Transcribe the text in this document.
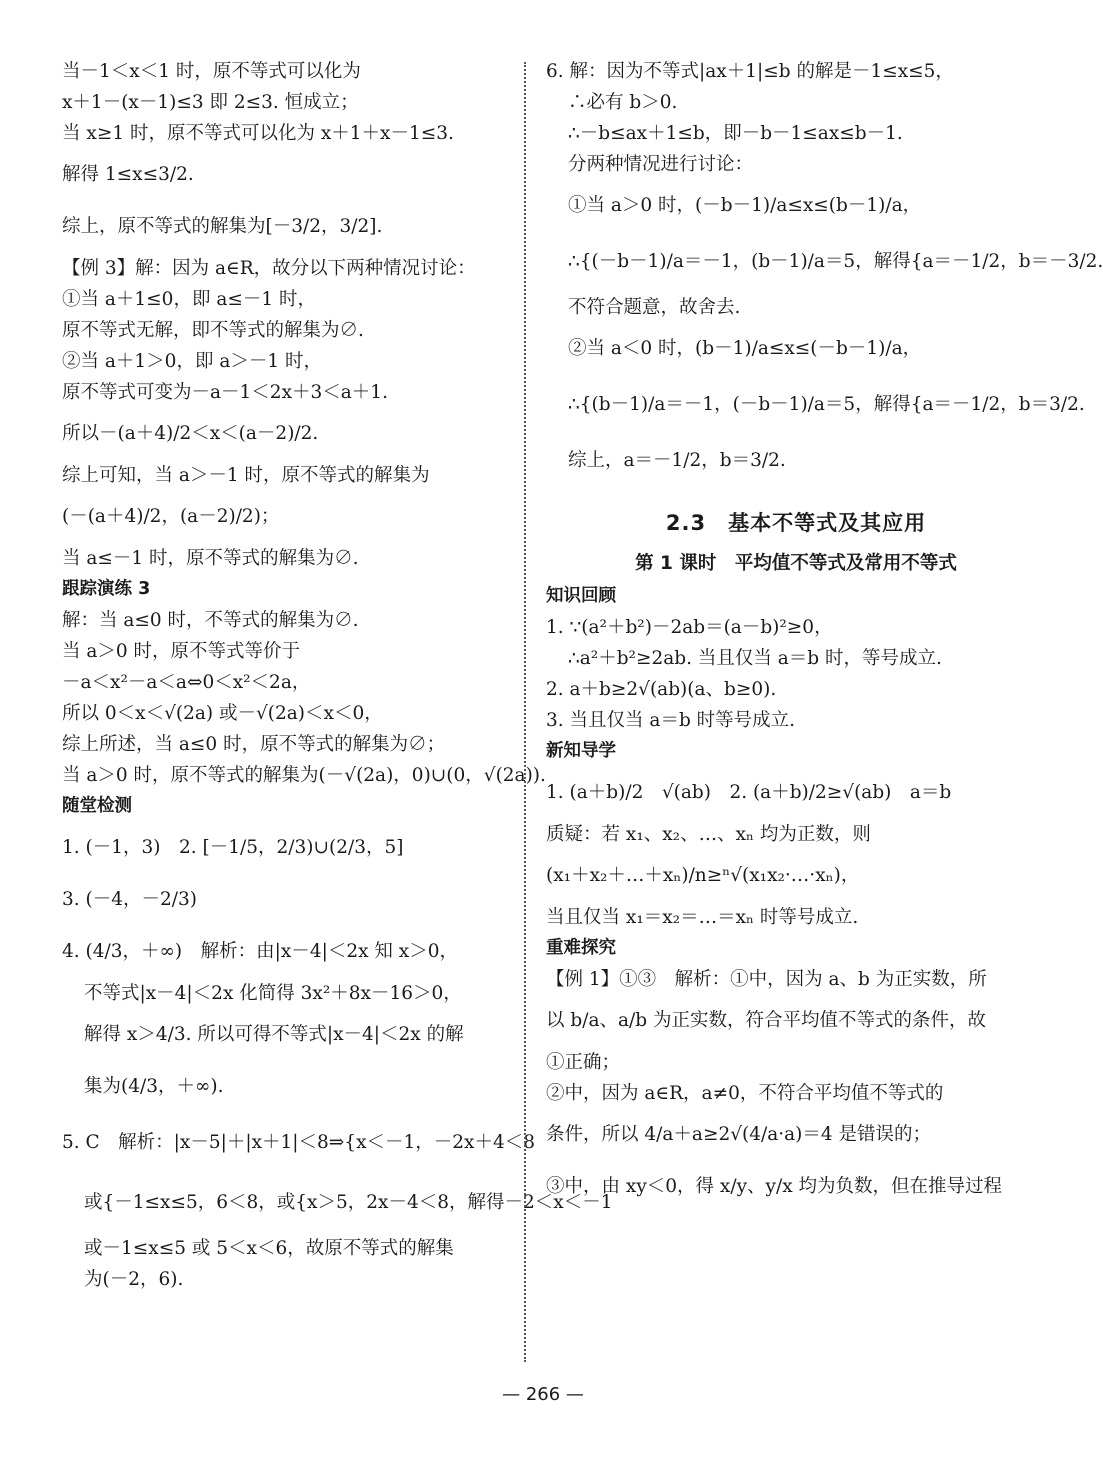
当－1＜x＜1 时，原不等式可以化为
x＋1－(x－1)≤3 即 2≤3. 恒成立；
当 x≥1 时，原不等式可以化为 x＋1＋x－1≤3.
解得 1≤x≤3/2.
综上，原不等式的解集为[－3/2，3/2].
【例 3】解：因为 a∈R，故分以下两种情况讨论：
①当 a＋1≤0，即 a≤－1 时，
原不等式无解，即不等式的解集为∅.
②当 a＋1＞0，即 a＞－1 时，
原不等式可变为－a－1＜2x＋3＜a＋1.
所以－(a＋4)/2＜x＜(a－2)/2.
综上可知，当 a＞－1 时，原不等式的解集为
(－(a＋4)/2，(a－2)/2)；
当 a≤－1 时，原不等式的解集为∅.
跟踪演练 3
解：当 a≤0 时，不等式的解集为∅.
当 a＞0 时，原不等式等价于
－a＜x²－a＜a⇔0＜x²＜2a，
所以 0＜x＜√(2a) 或－√(2a)＜x＜0，
综上所述，当 a≤0 时，原不等式的解集为∅；
当 a＞0 时，原不等式的解集为(－√(2a)，0)∪(0，√(2a)).
随堂检测
1. (－1，3)　2. [－1/5，2/3)∪(2/3，5]
3. (－4，－2/3)
4. (4/3，＋∞)　解析：由|x－4|＜2x 知 x＞0，
不等式|x－4|＜2x 化简得 3x²＋8x－16＞0，
解得 x＞4/3. 所以可得不等式|x－4|＜2x 的解
集为(4/3，＋∞).
5. C　解析：|x－5|＋|x＋1|＜8⇒{x＜－1，－2x＋4＜8
或{－1≤x≤5，6＜8，或{x＞5，2x－4＜8，解得－2＜x＜－1
或－1≤x≤5 或 5＜x＜6，故原不等式的解集
为(－2，6).
6. 解：因为不等式|ax＋1|≤b 的解是－1≤x≤5，
∴必有 b＞0.
∴－b≤ax＋1≤b，即－b－1≤ax≤b－1.
分两种情况进行讨论：
①当 a＞0 时，(－b－1)/a≤x≤(b－1)/a，
∴{(－b－1)/a＝－1，(b－1)/a＝5，解得{a＝－1/2，b＝－3/2.
不符合题意，故舍去.
②当 a＜0 时，(b－1)/a≤x≤(－b－1)/a，
∴{(b－1)/a＝－1，(－b－1)/a＝5，解得{a＝－1/2，b＝3/2.
综上，a＝－1/2，b＝3/2.
2.3　基本不等式及其应用
第 1 课时　平均值不等式及常用不等式
知识回顾
1. ∵(a²＋b²)－2ab＝(a－b)²≥0，
∴a²＋b²≥2ab. 当且仅当 a＝b 时，等号成立.
2. a＋b≥2√(ab)(a、b≥0).
3. 当且仅当 a＝b 时等号成立.
新知导学
1. (a＋b)/2　√(ab)　2. (a＋b)/2≥√(ab)　a＝b
质疑：若 x₁、x₂、…、xₙ 均为正数，则
(x₁＋x₂＋…＋xₙ)/n≥ⁿ√(x₁x₂·…·xₙ)，
当且仅当 x₁＝x₂＝…＝xₙ 时等号成立.
重难探究
【例 1】①③　解析：①中，因为 a、b 为正实数，所
以 b/a、a/b 为正实数，符合平均值不等式的条件，故
①正确；
②中，因为 a∈R，a≠0，不符合平均值不等式的
条件，所以 4/a＋a≥2√(4/a·a)＝4 是错误的；
③中，由 xy＜0，得 x/y、y/x 均为负数，但在推导过程
— 266 —
